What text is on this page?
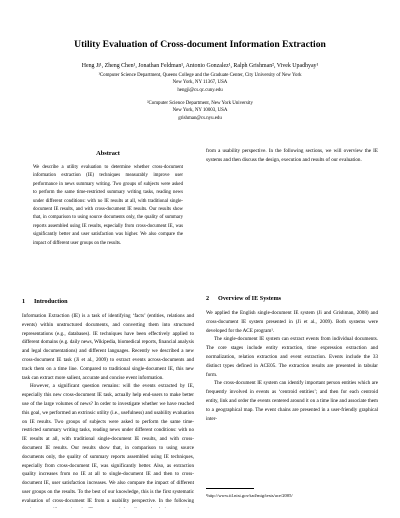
Utility Evaluation of Cross-document Information Extraction
Heng Ji¹, Zheng Chen¹, Jonathan Feldman¹, Antonio Gonzalez¹, Ralph Grishman², Vivek Upadhyay¹
¹Computer Science Department, Queens College and the Graduate Center, City University of New York
New York, NY 11367, USA
hengji@cs.qc.cuny.edu
²Computer Science Department, New York University
New York, NY 10003, USA
grishman@cs.nyu.edu
Abstract
We describe a utility evaluation to determine whether cross-document information extraction (IE) techniques measurably improve user performance in news summary writing. Two groups of subjects were asked to perform the same time-restricted summary writing tasks, reading news under different conditions: with no IE results at all, with traditional single-document IE results, and with cross-document IE results. Our results show that, in comparison to using source documents only, the quality of summary reports assembled using IE results, especially from cross-document IE, was significantly better and user satisfaction was higher. We also compare the impact of different user groups on the results.
1 Introduction

Information Extraction (IE) is a task of identifying ‘facts’ (entities, relations and events) within unstructured documents, and converting them into structured representations (e.g., databases). IE techniques have been effectively applied to different domains (e.g. daily news, Wikipedia, biomedical reports, financial analysis and legal documentations) and different languages. Recently we described a new cross-document IE task (Ji et al., 2009) to extract events across-documents and track them on a time line. Compared to traditional single-document IE, this new task can extract more salient, accurate and concise event information.

However, a significant question remains: will the events extracted by IE, especially this new cross-document IE task, actually help end-users to make better use of the large volumes of news? In order to investigate whether we have reached this goal, we performed an extrinsic utility (i.e., usefulness) and usability evaluation on IE results. Two groups of subjects were asked to perform the same time-restricted summary writing tasks, reading news under different conditions: with no IE results at all, with traditional single-document IE results, and with cross-document IE results. Our results show that, in comparison to using source documents only, the quality of summary reports assembled using IE techniques, especially from cross-document IE, was significantly better. Also, as extraction quality increases from no IE at all to single-document IE and then to cross-document IE, user satisfaction increases. We also compare the impact of different user groups on the results. To the best of our knowledge, this is the first systematic evaluation of cross-document IE from a usability perspective. In the following

from a usability perspective. In the following sections, we will overview the IE systems and then discuss the design, execution and results of our evaluation.

2 Overview of IE Systems

We applied the English single-document IE system (Ji and Grishman, 2008) and cross-document IE system presented in (Ji et al., 2009). Both systems were developed for the ACE program¹.

The single-document IE system can extract events from individual documents. The core stages include entity extraction, time expression extraction and normalization, relation extraction and event extraction. Events include the 33 distinct types defined in ACE05. The extraction results are presented in tabular form.

The cross-document IE system can identify important person entities which are frequently involved in events as ‘centroid entities’; and then for each centroid entity, link and order the events centered around it on a time line and associate them to a geographical map. The event chains are presented in a user-friendly graphical inter-

¹http://www.itl.nist.gov/iad/mig/tests/ace/2005/
